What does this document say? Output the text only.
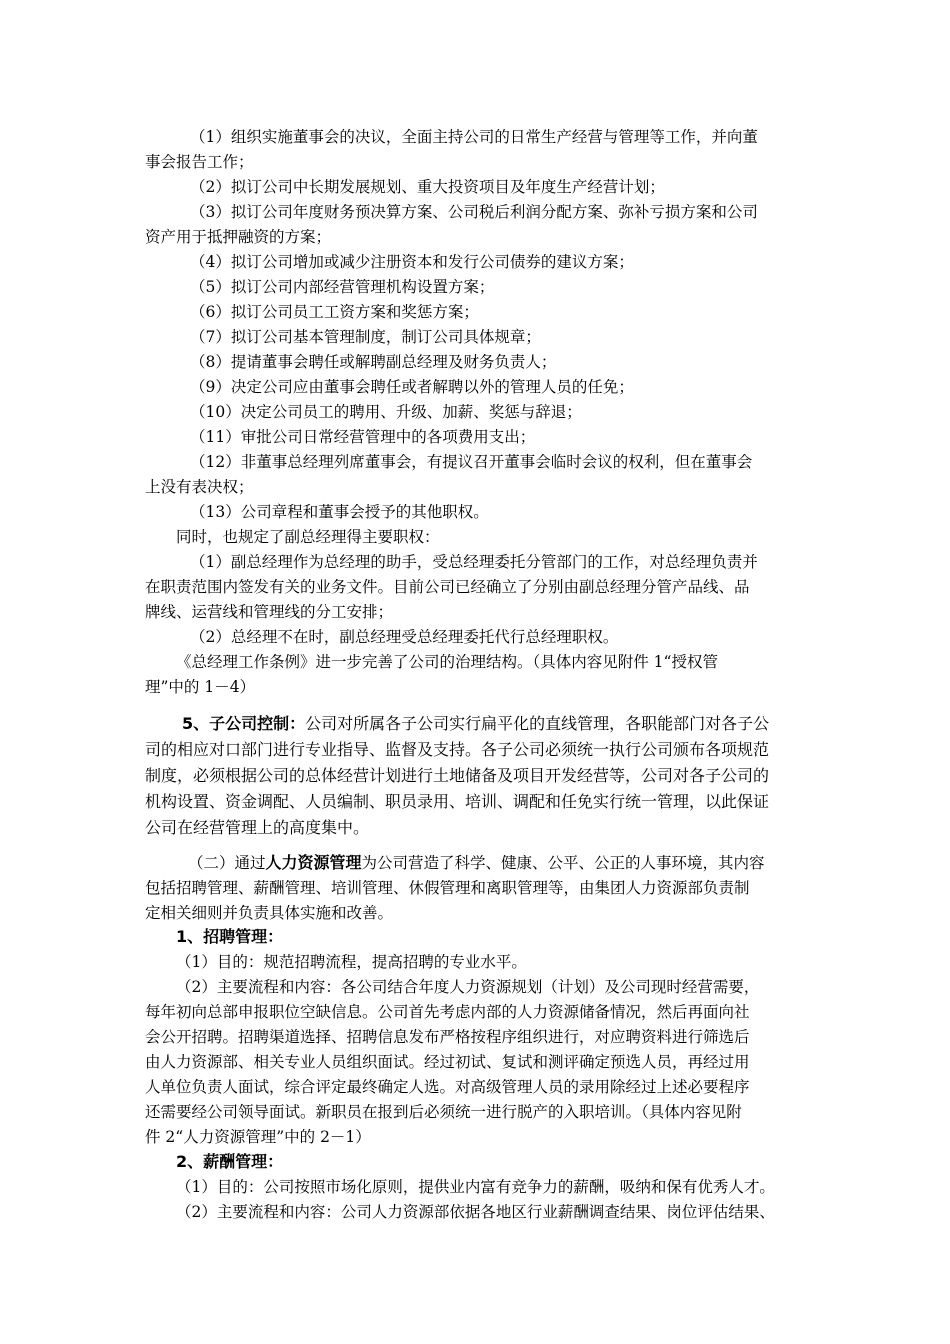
（1）组织实施董事会的决议，全面主持公司的日常生产经营与管理等工作，并向董
事会报告工作；
（2）拟订公司中长期发展规划、重大投资项目及年度生产经营计划；
（3）拟订公司年度财务预决算方案、公司税后利润分配方案、弥补亏损方案和公司
资产用于抵押融资的方案；
（4）拟订公司增加或减少注册资本和发行公司债券的建议方案；
（5）拟订公司内部经营管理机构设置方案；
（6）拟订公司员工工资方案和奖惩方案；
（7）拟订公司基本管理制度，制订公司具体规章；
（8）提请董事会聘任或解聘副总经理及财务负责人；
（9）决定公司应由董事会聘任或者解聘以外的管理人员的任免；
（10）决定公司员工的聘用、升级、加薪、奖惩与辞退；
（11）审批公司日常经营管理中的各项费用支出；
（12）非董事总经理列席董事会，有提议召开董事会临时会议的权利，但在董事会
上没有表决权；
（13）公司章程和董事会授予的其他职权。
同时，也规定了副总经理得主要职权：
（1）副总经理作为总经理的助手，受总经理委托分管部门的工作，对总经理负责并
在职责范围内签发有关的业务文件。目前公司已经确立了分别由副总经理分管产品线、品
牌线、运营线和管理线的分工安排；
（2）总经理不在时，副总经理受总经理委托代行总经理职权。
《总经理工作条例》进一步完善了公司的治理结构。（具体内容见附件 1“授权管
理”中的 1－4）
5、子公司控制：公司对所属各子公司实行扁平化的直线管理，各职能部门对各子公
司的相应对口部门进行专业指导、监督及支持。各子公司必须统一执行公司颁布各项规范
制度，必须根据公司的总体经营计划进行土地储备及项目开发经营等，公司对各子公司的
机构设置、资金调配、人员编制、职员录用、培训、调配和任免实行统一管理，以此保证
公司在经营管理上的高度集中。
（二）通过人力资源管理为公司营造了科学、健康、公平、公正的人事环境，其内容
包括招聘管理、薪酬管理、培训管理、休假管理和离职管理等，由集团人力资源部负责制
定相关细则并负责具体实施和改善。
1、招聘管理：
（1）目的：规范招聘流程，提高招聘的专业水平。
（2）主要流程和内容：各公司结合年度人力资源规划（计划）及公司现时经营需要，
每年初向总部申报职位空缺信息。公司首先考虑内部的人力资源储备情况，然后再面向社
会公开招聘。招聘渠道选择、招聘信息发布严格按程序组织进行，对应聘资料进行筛选后
由人力资源部、相关专业人员组织面试。经过初试、复试和测评确定预选人员，再经过用
人单位负责人面试，综合评定最终确定人选。对高级管理人员的录用除经过上述必要程序
还需要经公司领导面试。新职员在报到后必须统一进行脱产的入职培训。（具体内容见附
件 2“人力资源管理”中的 2－1）
2、薪酬管理：
（1）目的：公司按照市场化原则，提供业内富有竞争力的薪酬，吸纳和保有优秀人才。
（2）主要流程和内容：公司人力资源部依据各地区行业薪酬调查结果、岗位评估结果、
